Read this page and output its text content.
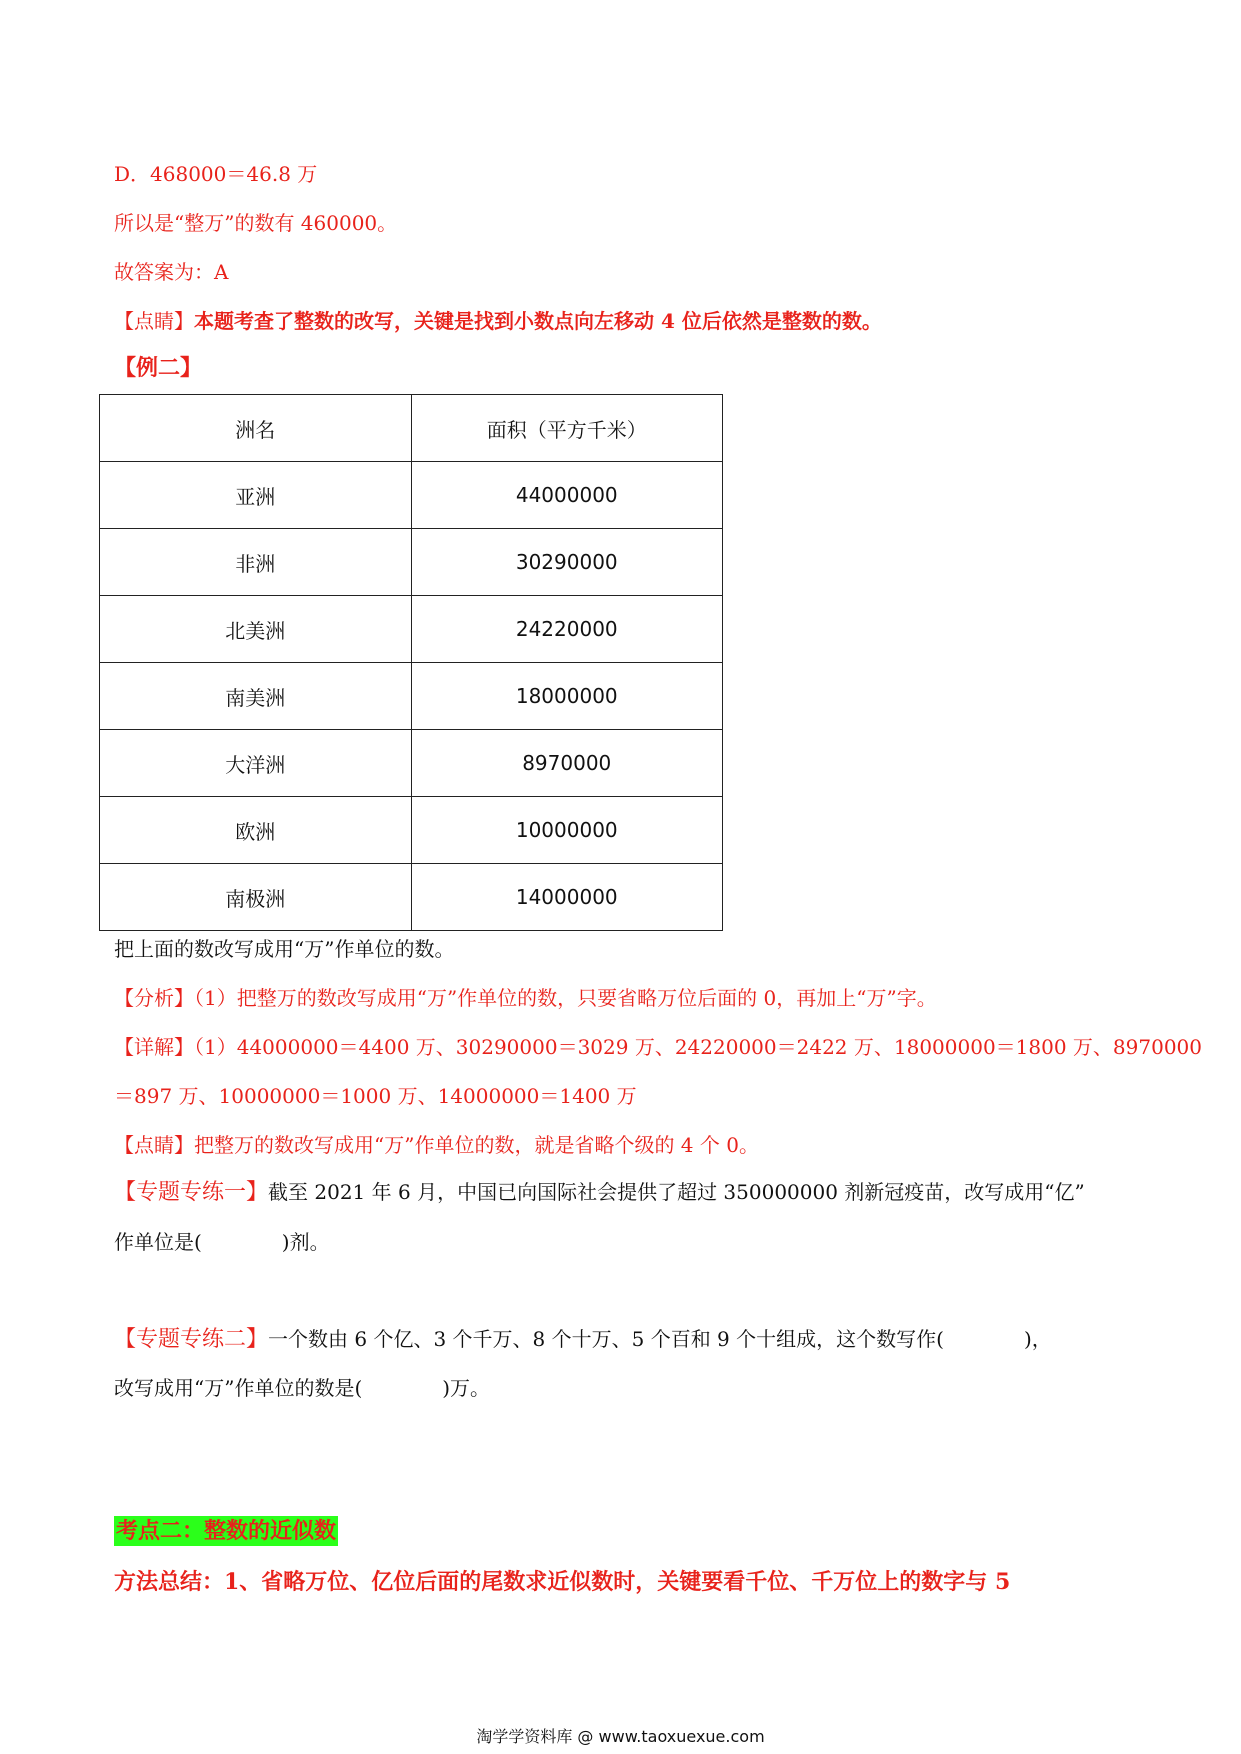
D．468000＝46.8 万
所以是“整万”的数有 460000。
故答案为：A
【点睛】本题考查了整数的改写，关键是找到小数点向左移动 4 位后依然是整数的数。
【例二】
洲名	面积（平方千米）
亚洲	44000000
非洲	30290000
北美洲	24220000
南美洲	18000000
大洋洲	8970000
欧洲	10000000
南极洲	14000000
把上面的数改写成用“万”作单位的数。
【分析】（1）把整万的数改写成用“万”作单位的数，只要省略万位后面的 0，再加上“万”字。
【详解】（1）44000000＝4400 万、30290000＝3029 万、24220000＝2422 万、18000000＝1800 万、8970000
＝897 万、10000000＝1000 万、14000000＝1400 万
【点睛】把整万的数改写成用“万”作单位的数，就是省略个级的 4 个 0。
【专题专练一】截至 2021 年 6 月，中国已向国际社会提供了超过 350000000 剂新冠疫苗，改写成用“亿”
作单位是(　　　　)剂。
【专题专练二】一个数由 6 个亿、3 个千万、8 个十万、5 个百和 9 个十组成，这个数写作(　　　　)，
改写成用“万”作单位的数是(　　　　)万。
考点二：整数的近似数
方法总结：1、省略万位、亿位后面的尾数求近似数时，关键要看千位、千万位上的数字与 5
淘学学资料库 @ www.taoxuexue.com
